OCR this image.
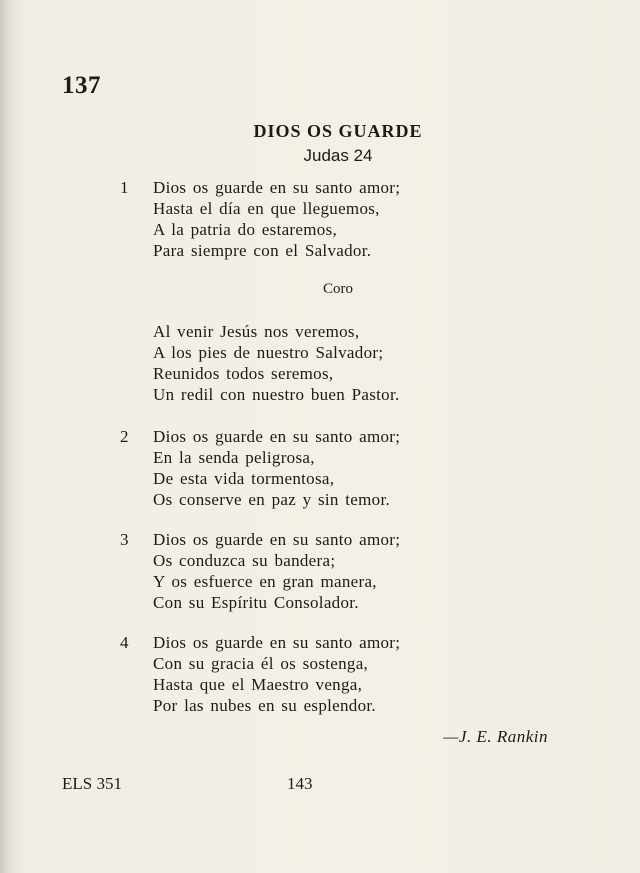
137
DIOS OS GUARDE
Judas 24
1 Dios os guarde en su santo amor;
Hasta el día en que lleguemos,
A la patria do estaremos,
Para siempre con el Salvador.
Coro
Al venir Jesús nos veremos,
A los pies de nuestro Salvador;
Reunidos todos seremos,
Un redil con nuestro buen Pastor.
2 Dios os guarde en su santo amor;
En la senda peligrosa,
De esta vida tormentosa,
Os conserve en paz y sin temor.
3 Dios os guarde en su santo amor;
Os conduzca su bandera;
Y os esfuerce en gran manera,
Con su Espíritu Consolador.
4 Dios os guarde en su santo amor;
Con su gracia él os sostenga,
Hasta que el Maestro venga,
Por las nubes en su esplendor.
—J. E. Rankin
ELS 351	143
